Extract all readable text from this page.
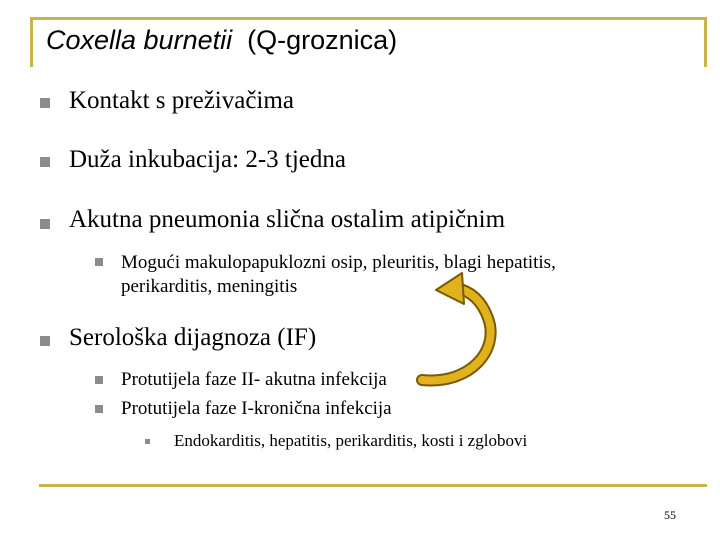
Coxella burnetii (Q-groznica)
Kontakt s preživačima
Duža inkubacija: 2-3 tjedna
Akutna pneumonia slična ostalim atipičnim
Mogući makulopapuklozni osip, pleuritis, blagi hepatitis,
perikarditis, meningitis
Serološka dijagnoza (IF)
Protutijela faze II- akutna infekcija
Protutijela faze I-kronična infekcija
Endokarditis, hepatitis, perikarditis, kosti i zglobovi
55
